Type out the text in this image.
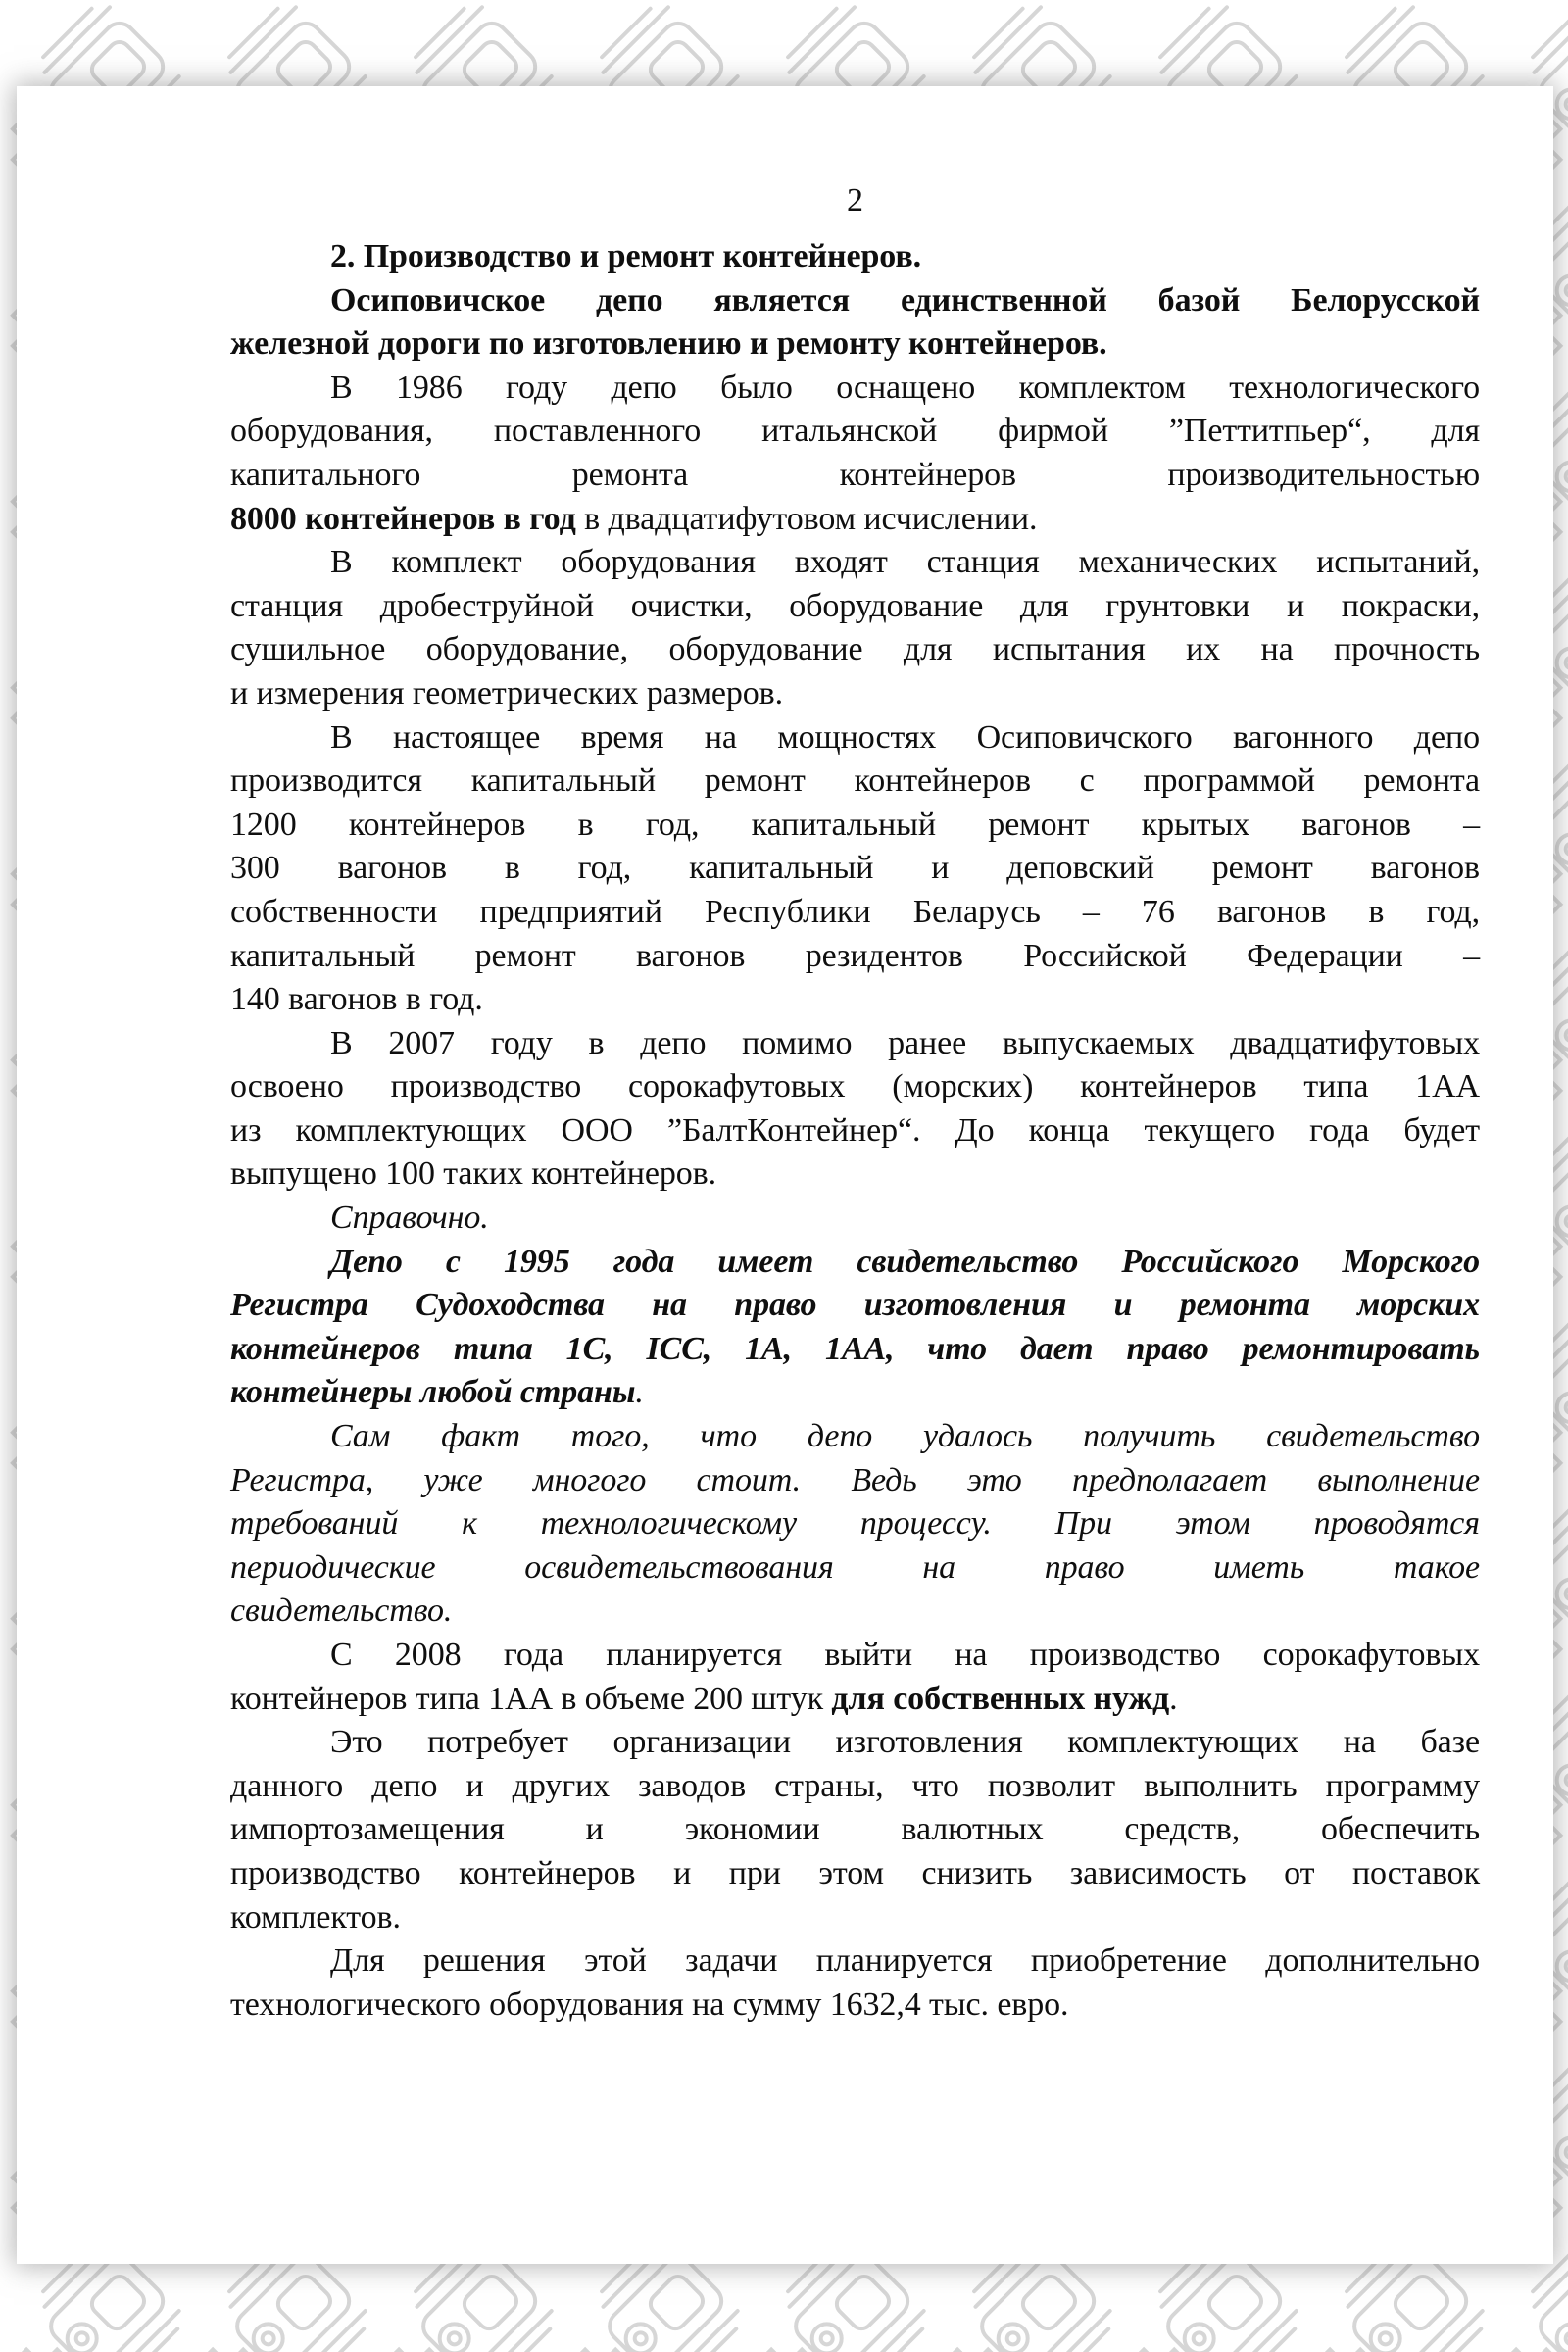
2
2. Производство и ремонт контейнеров.
Осиповичское депо является единственной базой Белорусской
железной дороги по изготовлению и ремонту контейнеров.
В 1986 году депо было оснащено комплектом технологического
оборудования, поставленного итальянской фирмой ”Петтитпьер“, для
капитального ремонта контейнеров производительностью
8000 контейнеров в год в двадцатифутовом исчислении.
В комплект оборудования входят станция механических испытаний,
станция дробеструйной очистки, оборудование для грунтовки и покраски,
сушильное оборудование, оборудование для испытания их на прочность
и измерения геометрических размеров.
В настоящее время на мощностях Осиповичского вагонного депо
производится капитальный ремонт контейнеров с программой ремонта
1200 контейнеров в год, капитальный ремонт крытых вагонов –
300 вагонов в год, капитальный и деповский ремонт вагонов
собственности предприятий Республики Беларусь – 76 вагонов в год,
капитальный ремонт вагонов резидентов Российской Федерации –
140 вагонов в год.
В 2007 году в депо помимо ранее выпускаемых двадцатифутовых
освоено производство сорокафутовых (морских) контейнеров типа 1АА
из комплектующих ООО ”БалтКонтейнер“. До конца текущего года будет
выпущено 100 таких контейнеров.
Справочно.
Депо с 1995 года имеет свидетельство Российского Морского
Регистра Судоходства на право изготовления и ремонта морских
контейнеров типа 1С, IСС, 1А, 1АА, что дает право ремонтировать
контейнеры любой страны.
Сам факт того, что депо удалось получить свидетельство
Регистра, уже многого стоит. Ведь это предполагает выполнение
требований к технологическому процессу. При этом проводятся
периодические освидетельствования на право иметь такое
свидетельство.
С 2008 года планируется выйти на производство сорокафутовых
контейнеров типа 1АА в объеме 200 штук для собственных нужд.
Это потребует организации изготовления комплектующих на базе
данного депо и других заводов страны, что позволит выполнить программу
импортозамещения и экономии валютных средств, обеспечить
производство контейнеров и при этом снизить зависимость от поставок
комплектов.
Для решения этой задачи планируется приобретение дополнительно
технологического оборудования на сумму 1632,4 тыс. евро.
